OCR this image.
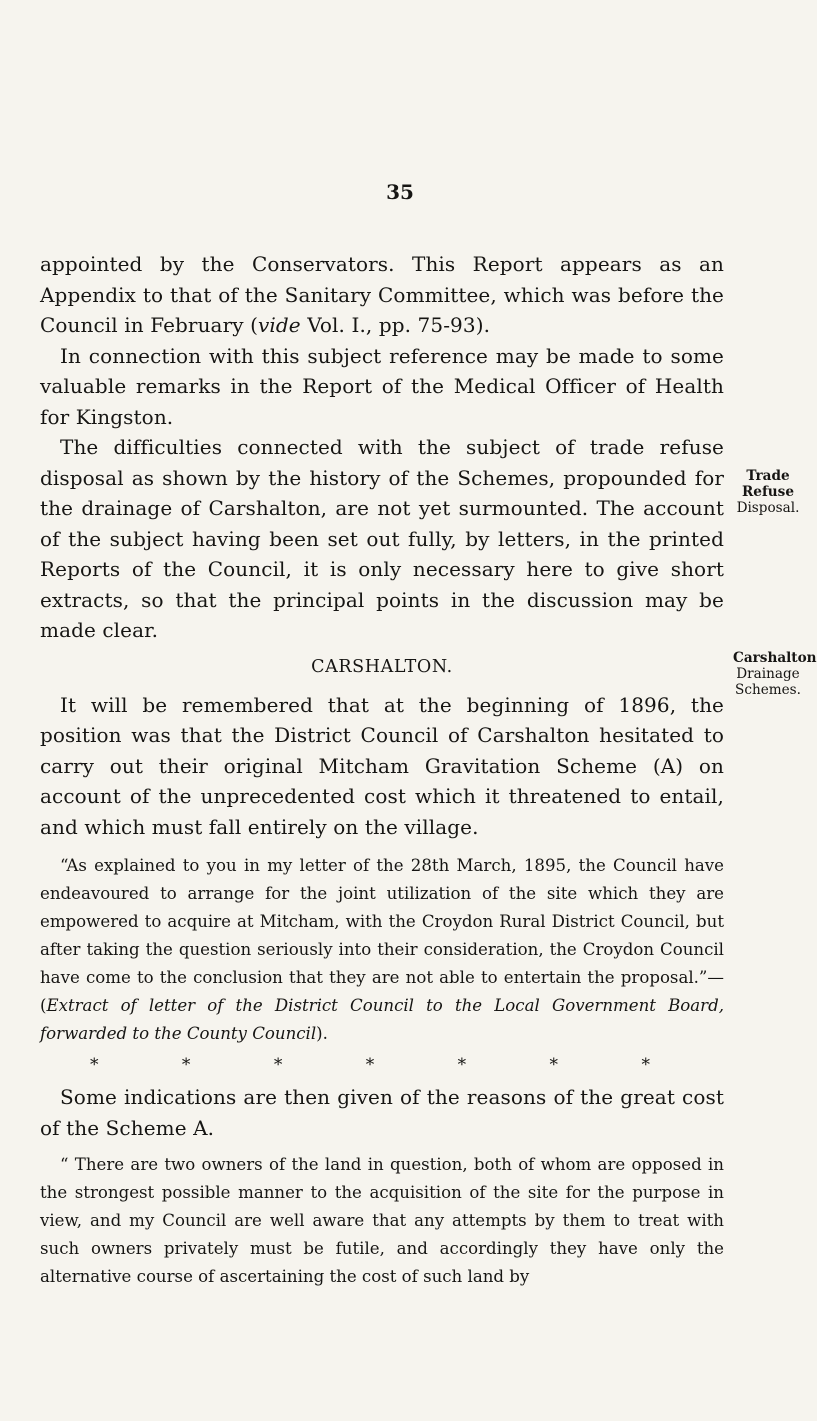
35

appointed by the Conservators. This Report appears as an Appendix to that of the Sanitary Committee, which was before the Council in February (vide Vol. I., pp. 75-93).

In connection with this subject reference may be made to some valuable remarks in the Report of the Medical Officer of Health for Kingston.

The difficulties connected with the subject of trade refuse disposal as shown by the history of the Schemes, propounded for the drainage of Carshalton, are not yet surmounted. The account of the subject having been set out fully, by letters, in the printed Reports of the Council, it is only necessary here to give short extracts, so that the principal points in the discussion may be made clear.

CARSHALTON.

It will be remembered that at the beginning of 1896, the position was that the District Council of Carshalton hesitated to carry out their original Mitcham Gravitation Scheme (A) on account of the unprecedented cost which it threatened to entail, and which must fall entirely on the village.

“As explained to you in my letter of the 28th March, 1895, the Council have endeavoured to arrange for the joint utilization of the site which they are empowered to acquire at Mitcham, with the Croydon Rural District Council, but after taking the question seriously into their consideration, the Croydon Council have come to the conclusion that they are not able to entertain the proposal.”—(Extract of letter of the District Council to the Local Government Board, forwarded to the County Council).

*	*	*	*	*	*	*

Some indications are then given of the reasons of the great cost of the Scheme A.

“ There are two owners of the land in question, both of whom are opposed in the strongest possible manner to the acquisition of the site for the purpose in view, and my Council are well aware that any attempts by them to treat with such owners privately must be futile, and accordingly they have only the alternative course of ascertaining the cost of such land by

Trade Refuse
Disposal.
Carshalton
Drainage
Schemes.
